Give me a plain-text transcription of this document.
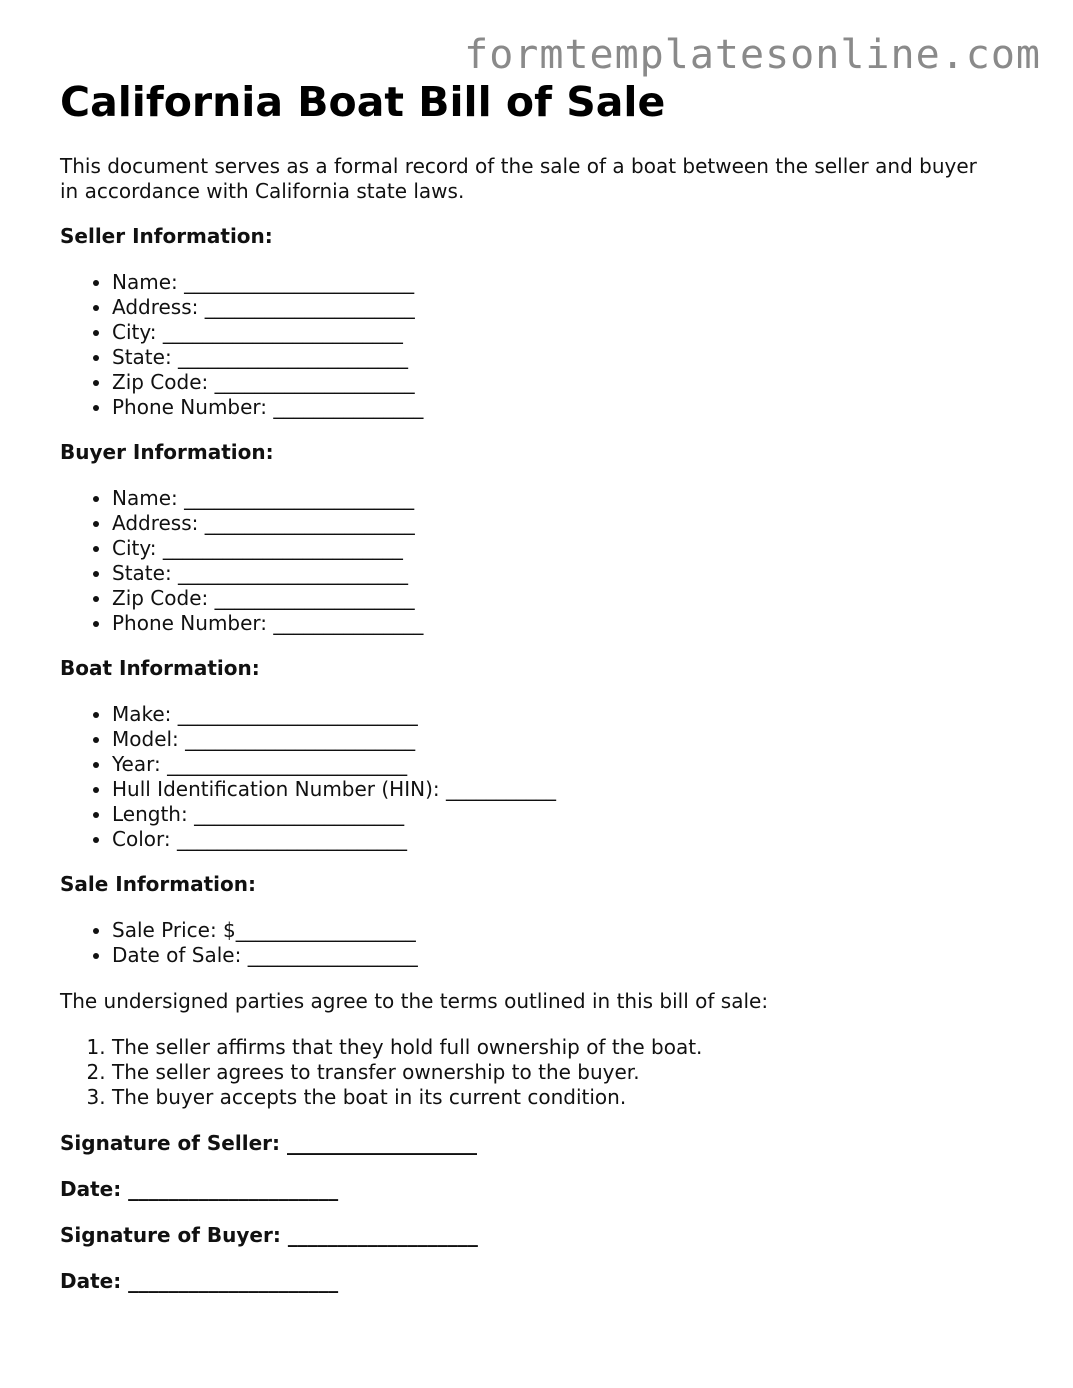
formtemplatesonline.com
California Boat Bill of Sale

This document serves as a formal record of the sale of a boat between the seller and buyer in accordance with California state laws.

Seller Information:
• Name: _______________________
• Address: _____________________
• City: ________________________
• State: _______________________
• Zip Code: ____________________
• Phone Number: _______________
Buyer Information:
• Name: _______________________
• Address: _____________________
• City: ________________________
• State: _______________________
• Zip Code: ____________________
• Phone Number: _______________
Boat Information:
• Make: ________________________
• Model: _______________________
• Year: ________________________
• Hull Identification Number (HIN): ___________
• Length: _____________________
• Color: _______________________
Sale Information:
• Sale Price: $__________________
• Date of Sale: _________________

The undersigned parties agree to the terms outlined in this bill of sale:

1. The seller affirms that they hold full ownership of the boat.
2. The seller agrees to transfer ownership to the buyer.
3. The buyer accepts the boat in its current condition.
Signature of Seller: ___________________
Date: _____________________
Signature of Buyer: ___________________
Date: _____________________
